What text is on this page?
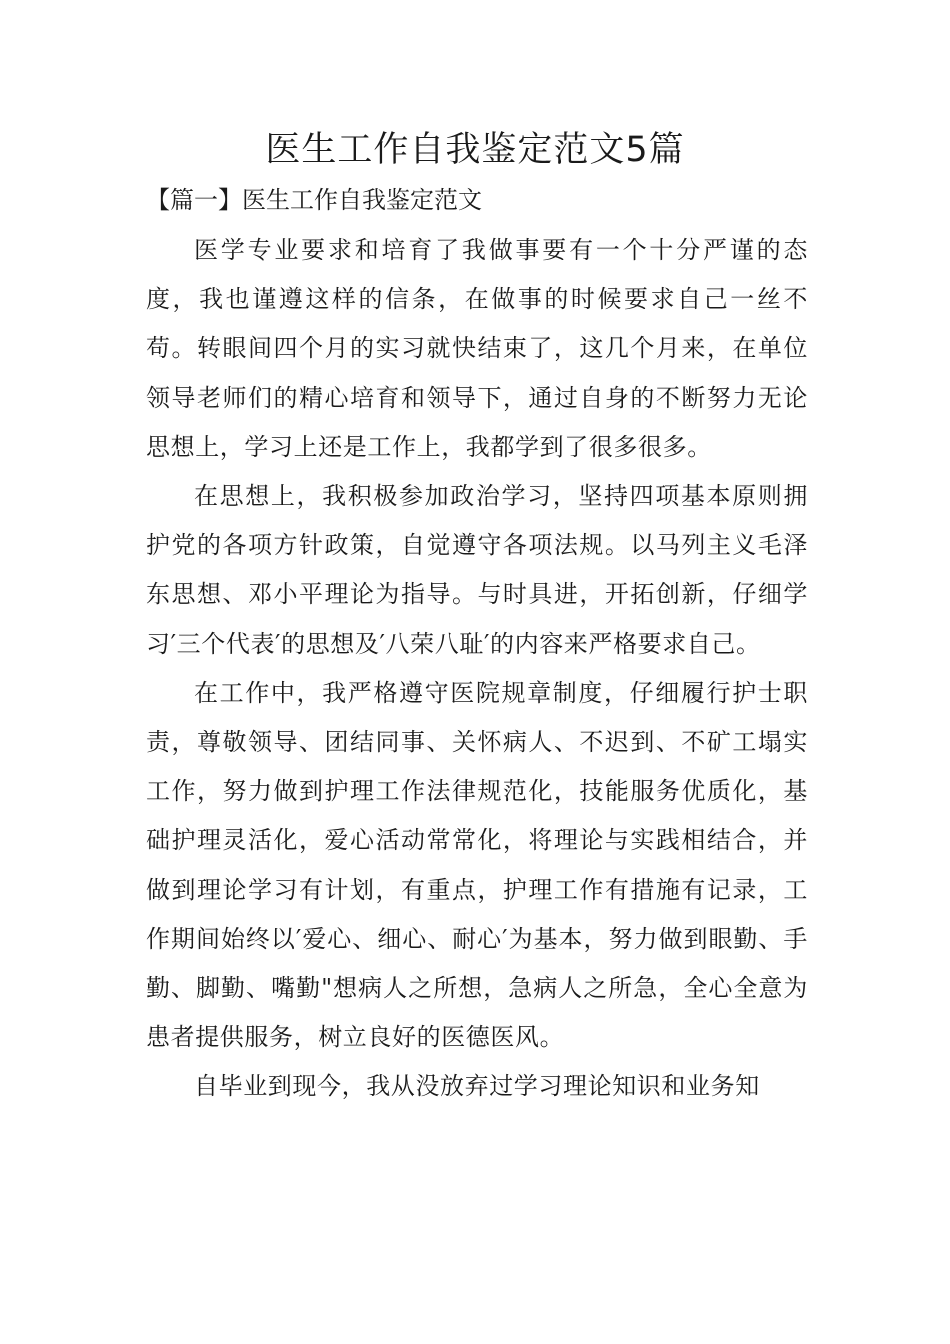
医生工作自我鉴定范文5篇
【篇一】医生工作自我鉴定范文

医学专业要求和培育了我做事要有一个十分严谨的态度，我也谨遵这样的信条，在做事的时候要求自己一丝不苟。转眼间四个月的实习就快结束了，这几个月来，在单位领导老师们的精心培育和领导下，通过自身的不断努力无论思想上，学习上还是工作上，我都学到了很多很多。

在思想上，我积极参加政治学习，坚持四项基本原则拥护党的各项方针政策，自觉遵守各项法规。以马列主义毛泽东思想、邓小平理论为指导。与时具进，开拓创新，仔细学习′三个代表′的思想及′八荣八耻′的内容来严格要求自己。

在工作中，我严格遵守医院规章制度，仔细履行护士职责，尊敬领导、团结同事、关怀病人、不迟到、不矿工塌实工作，努力做到护理工作法律规范化，技能服务优质化，基础护理灵活化，爱心活动常常化，将理论与实践相结合，并做到理论学习有计划，有重点，护理工作有措施有记录，工作期间始终以′爱心、细心、耐心′为基本，努力做到眼勤、手勤、脚勤、嘴勤"想病人之所想，急病人之所急，全心全意为患者提供服务，树立良好的医德医风。

自毕业到现今，我从没放弃过学习理论知识和业务知
